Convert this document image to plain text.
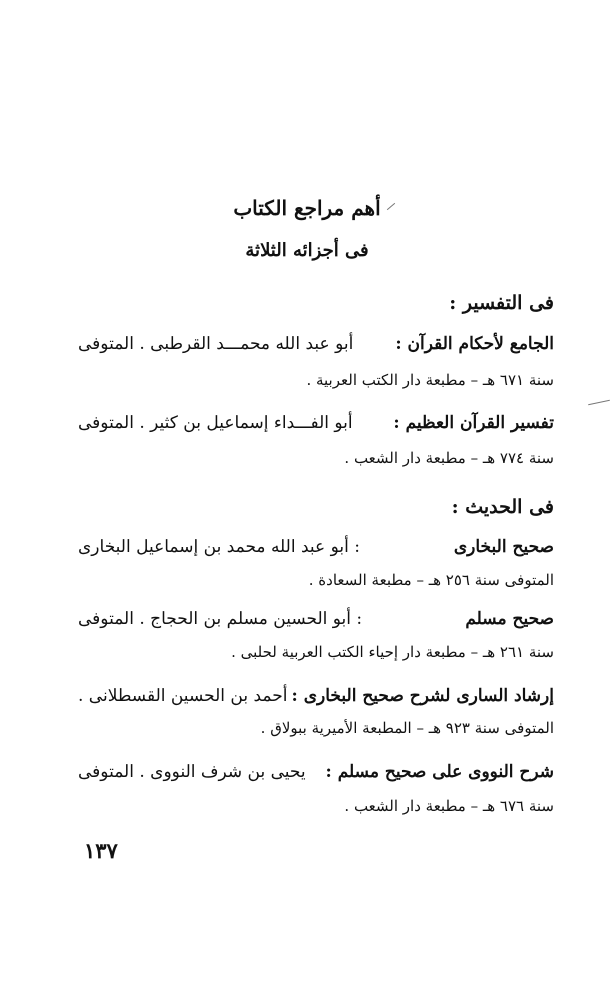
أهم مراجع الكتاب
فى أجزائه الثلاثة
فى التفسير :
الجامع لأحكام القرآن :
أبو عبد الله محمـــد القرطبى . المتوفى
سنة ٦٧١ هـ – مطبعة دار الكتب العربية .
تفسير القرآن العظيم :
أبو الفـــداء إسماعيل بن كثير . المتوفى
سنة ٧٧٤ هـ – مطبعة دار الشعب .
فى الحديث :
صحيح البخارى
: أبو عبد الله محمد بن إسماعيل البخارى
المتوفى سنة ٢٥٦ هـ – مطبعة السعادة .
صحيح مسلم
: أبو الحسين مسلم بن الحجاج . المتوفى
سنة ٢٦١ هـ – مطبعة دار إحياء الكتب العربية لحلبى .
إرشاد السارى لشرح صحيح البخارى :
أحمد بن الحسين القسطلانى .
المتوفى سنة ٩٢٣ هـ – المطبعة الأميرية ببولاق .
شرح النووى على صحيح مسلم :
يحيى بن شرف النووى . المتوفى
سنة ٦٧٦ هـ – مطبعة دار الشعب .
١٣٧
